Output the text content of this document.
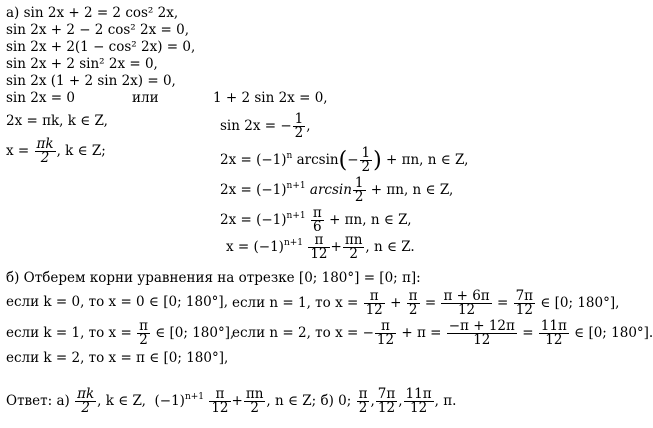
а) sin 2x + 2 = 2 cos² 2x,
sin 2x + 2 − 2 cos² 2x = 0,
sin 2x + 2(1 − cos² 2x) = 0,
sin 2x + 2 sin² 2x = 0,
sin 2x (1 + 2 sin 2x) = 0,
sin 2x = 0	или
2x = πk, k ∈ Z,
$x = \frac{\pi k}{2}$ , k ∈ Z;
1 + 2 sin 2x = 0,
sin 2x = − $\frac{1}{2}$ ,
$2x = (-1)^n$ $\arcsin(- \frac{1}{2}$ ) + πn, n ∈ Z,
$2x = (-1)^{n+1}$ $\arcsin \frac{1}{2} + \pi n$, n ∈ Z,
$2x = (-1)^{n+1} \frac{\pi}{6} + \pi n$, n ∈ Z,
$x = (-1)^{n+1} \frac{\pi}{12} + \frac{\pi n}{2}$ , n ∈ Z.
б) Отберем корни уравнения на отрезке [0; 180°] = [0; π]:
если k = 0, то x = 0 ∈ [0; 180°],
если k = 1, то $x = \frac{\pi}{2}$ ∈ [0; 180°],
если k = 2, то x = π ∈ [0; 180°],
если n = 1, то $x = \frac{\pi}{12} + \frac{\pi}{2} = \frac{\pi + 6\pi}{12} = \frac{7\pi}{12}$ ∈ [0; 180°],
если n = 2, то x = − $\frac{\pi}{12} + \pi = \frac{-\pi + 12\pi}{12} = \frac{11\pi}{12}$ ∈ [0; 180°].
Ответ: $а) \frac{\pi k}{2}$ , k ∈ Z, $(-1)^{n+1} \frac{\pi}{12} + \frac{\pi n}{2}$ , n ∈ Z; б) 0; $\frac{\pi}{2}$ , $\frac{7\pi}{12}$ , $\frac{11\pi}{12}$ , π.
